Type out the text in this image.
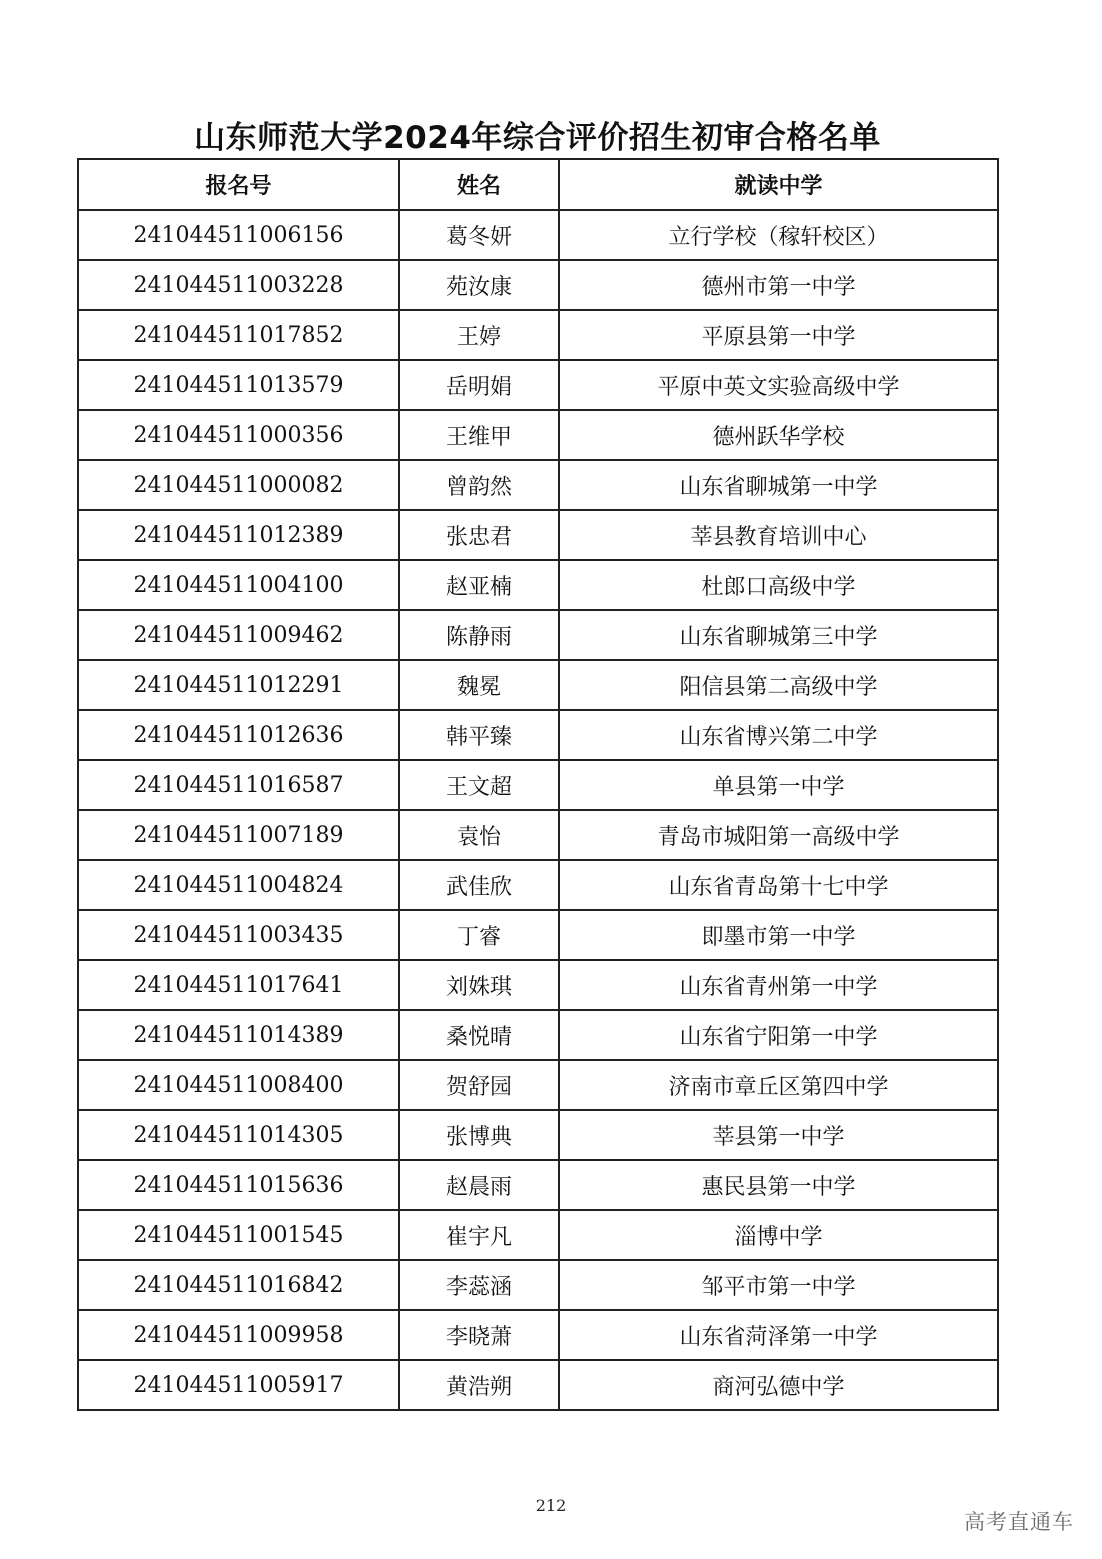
山东师范大学2024年综合评价招生初审合格名单
报名号	姓名	就读中学
241044511006156	葛冬妍	立行学校（稼轩校区）
241044511003228	苑汝康	德州市第一中学
241044511017852	王婷	平原县第一中学
241044511013579	岳明娟	平原中英文实验高级中学
241044511000356	王维甲	德州跃华学校
241044511000082	曾韵然	山东省聊城第一中学
241044511012389	张忠君	莘县教育培训中心
241044511004100	赵亚楠	杜郎口高级中学
241044511009462	陈静雨	山东省聊城第三中学
241044511012291	魏冕	阳信县第二高级中学
241044511012636	韩平臻	山东省博兴第二中学
241044511016587	王文超	单县第一中学
241044511007189	袁怡	青岛市城阳第一高级中学
241044511004824	武佳欣	山东省青岛第十七中学
241044511003435	丁睿	即墨市第一中学
241044511017641	刘姝琪	山东省青州第一中学
241044511014389	桑悦晴	山东省宁阳第一中学
241044511008400	贺舒园	济南市章丘区第四中学
241044511014305	张博典	莘县第一中学
241044511015636	赵晨雨	惠民县第一中学
241044511001545	崔宇凡	淄博中学
241044511016842	李蕊涵	邹平市第一中学
241044511009958	李晓萧	山东省菏泽第一中学
241044511005917	黄浩朔	商河弘德中学
212
高考直通车
